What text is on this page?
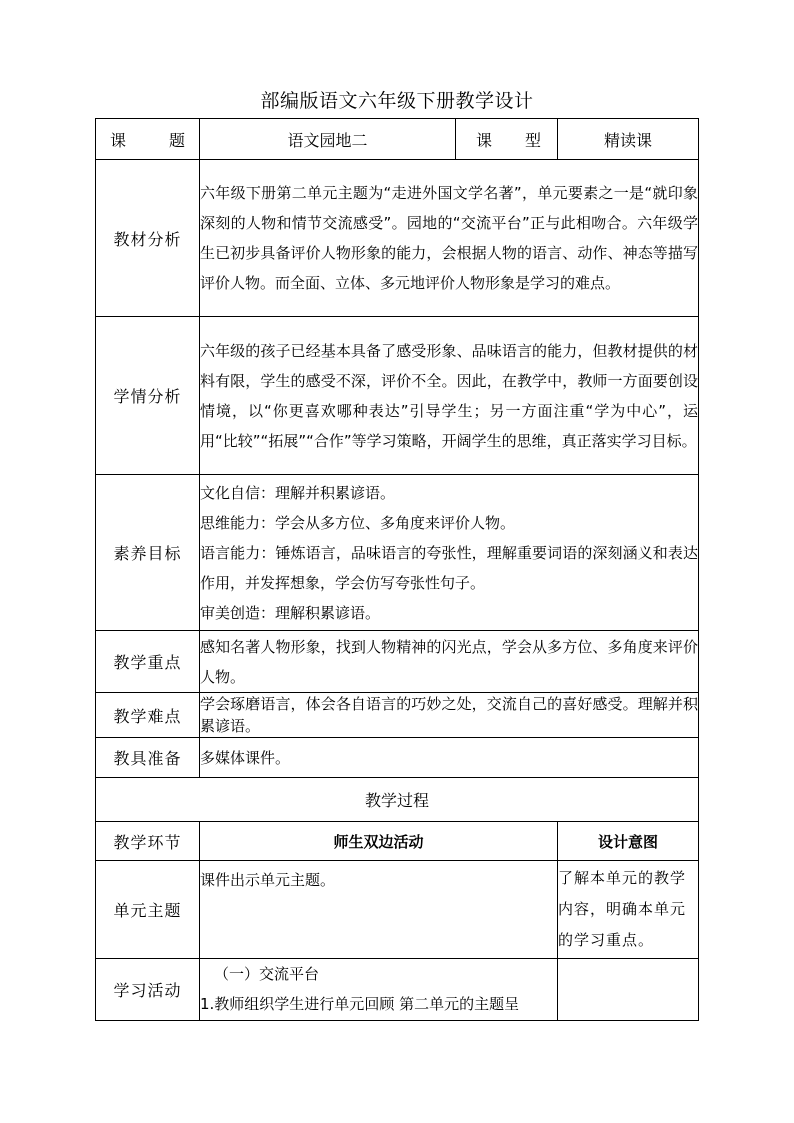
部编版语文六年级下册教学设计
课 题	语文园地二	课 型	精读课
教材分析	六年级下册第二单元主题为“走进外国文学名著”，单元要素之一是“就印象深刻的人物和情节交流感受”。园地的“交流平台”正与此相吻合。六年级学生已初步具备评价人物形象的能力，会根据人物的语言、动作、神态等描写评价人物。而全面、立体、多元地评价人物形象是学习的难点。		
学情分析	六年级的孩子已经基本具备了感受形象、品味语言的能力，但教材提供的材料有限，学生的感受不深，评价不全。因此，在教学中，教师一方面要创设情境，以“你更喜欢哪种表达”引导学生；另一方面注重“学为中心”，运用“比较”“拓展”“合作”等学习策略，开阔学生的思维，真正落实学习目标。		
素养目标	文化自信：理解并积累谚语。

思维能力：学会从多方位、多角度来评价人物。

语言能力：锤炼语言，品味语言的夸张性，理解重要词语的深刻涵义和表达作用，并发挥想象，学会仿写夸张性句子。

审美创造：理解积累谚语。		

教学重点	感知名著人物形象，找到人物精神的闪光点，学会从多方位、多角度来评价人物。		
教学难点	学会琢磨语言，体会各自语言的巧妙之处，交流自己的喜好感受。理解并积累谚语。		
教具准备	多媒体课件。		
教学过程			
教学环节	师生双边活动		设计意图
单元主题	课件出示单元主题。		了解本单元的教学内容，明确本单元的学习重点。
学习活动	（一）交流平台

1.教师组织学生进行单元回顾 第二单元的主题呈		
